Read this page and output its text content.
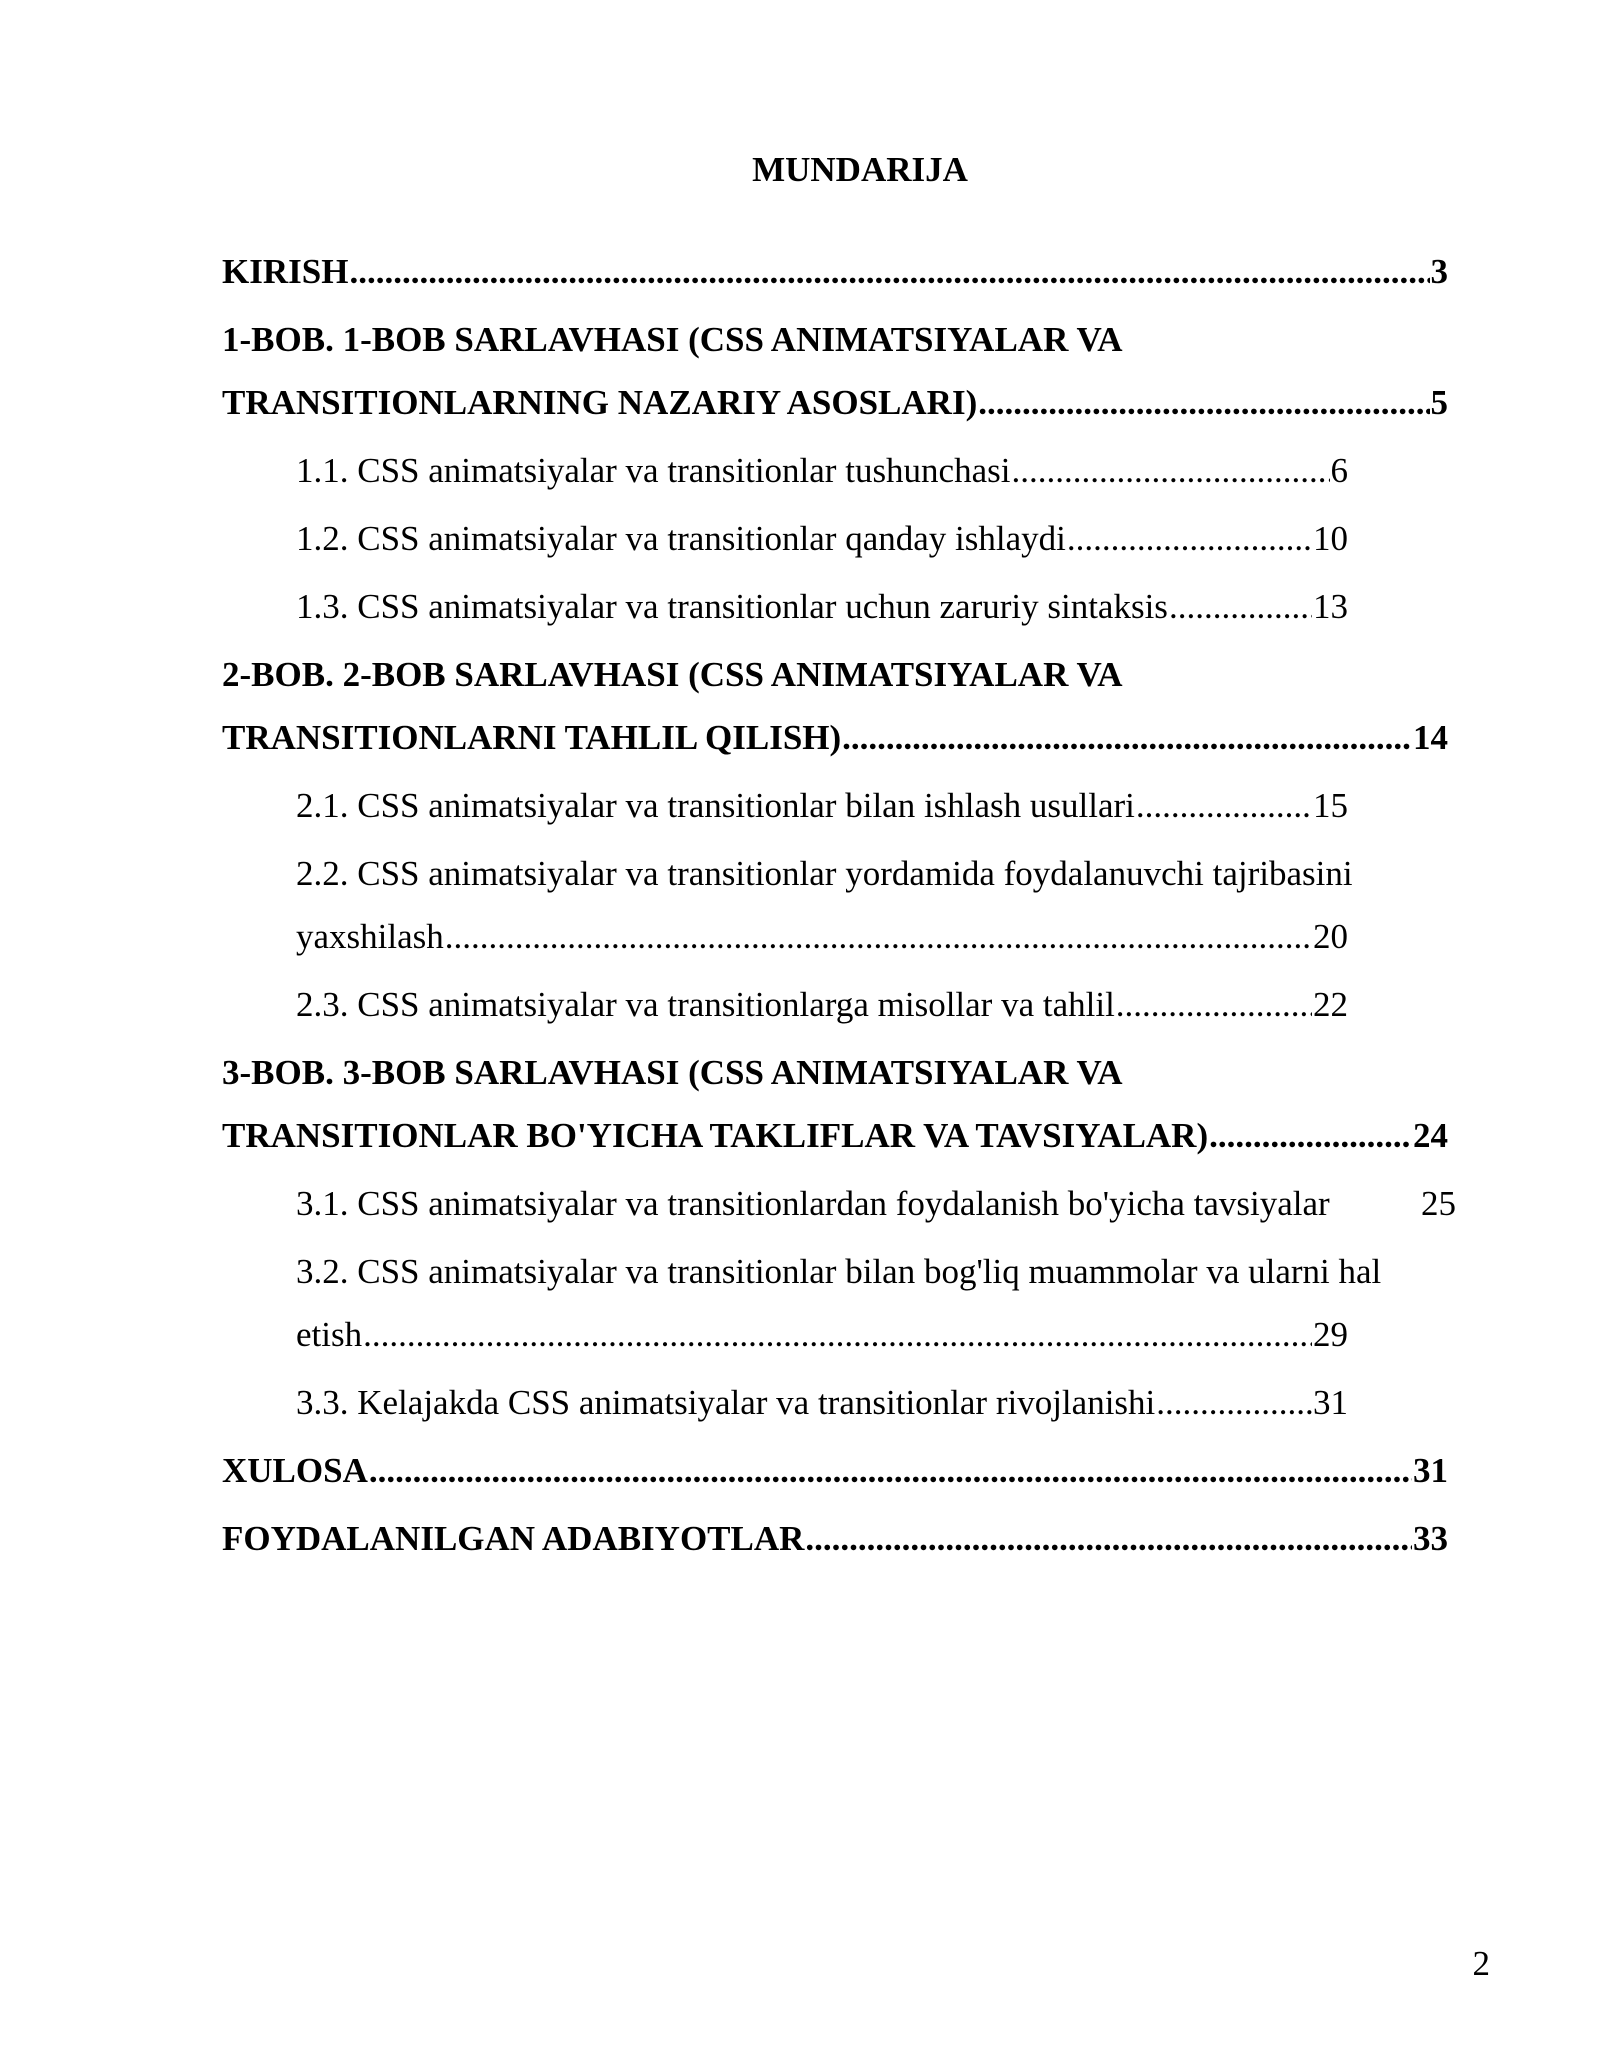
MUNDARIJA
KIRISH .....	3
1-BOB. 1-BOB SARLAVHASI (CSS ANIMATSIYALAR VA
TRANSITIONLARNING NAZARIY ASOSLARI) .....	5
1.1. CSS animatsiyalar va transitionlar tushunchasi .....	6
1.2. CSS animatsiyalar va transitionlar qanday ishlaydi .....	10
1.3. CSS animatsiyalar va transitionlar uchun zaruriy sintaksis .....	13
2-BOB. 2-BOB SARLAVHASI (CSS ANIMATSIYALAR VA
TRANSITIONLARNI TAHLIL QILISH) .....	14
2.1. CSS animatsiyalar va transitionlar bilan ishlash usullari .....	15
2.2. CSS animatsiyalar va transitionlar yordamida foydalanuvchi tajribasini
yaxshilash .....	20
2.3. CSS animatsiyalar va transitionlarga misollar va tahlil .....	22
3-BOB. 3-BOB SARLAVHASI (CSS ANIMATSIYALAR VA
TRANSITIONLAR BO'YICHA TAKLIFLAR VA TAVSIYALAR) .....	24
3.1. CSS animatsiyalar va transitionlardan foydalanish bo'yicha tavsiyalar	25
3.2. CSS animatsiyalar va transitionlar bilan bog'liq muammolar va ularni hal
etish .....	29
3.3. Kelajakda CSS animatsiyalar va transitionlar rivojlanishi .....	31
XULOSA .....	31
FOYDALANILGAN ADABIYOTLAR .....	33
2
